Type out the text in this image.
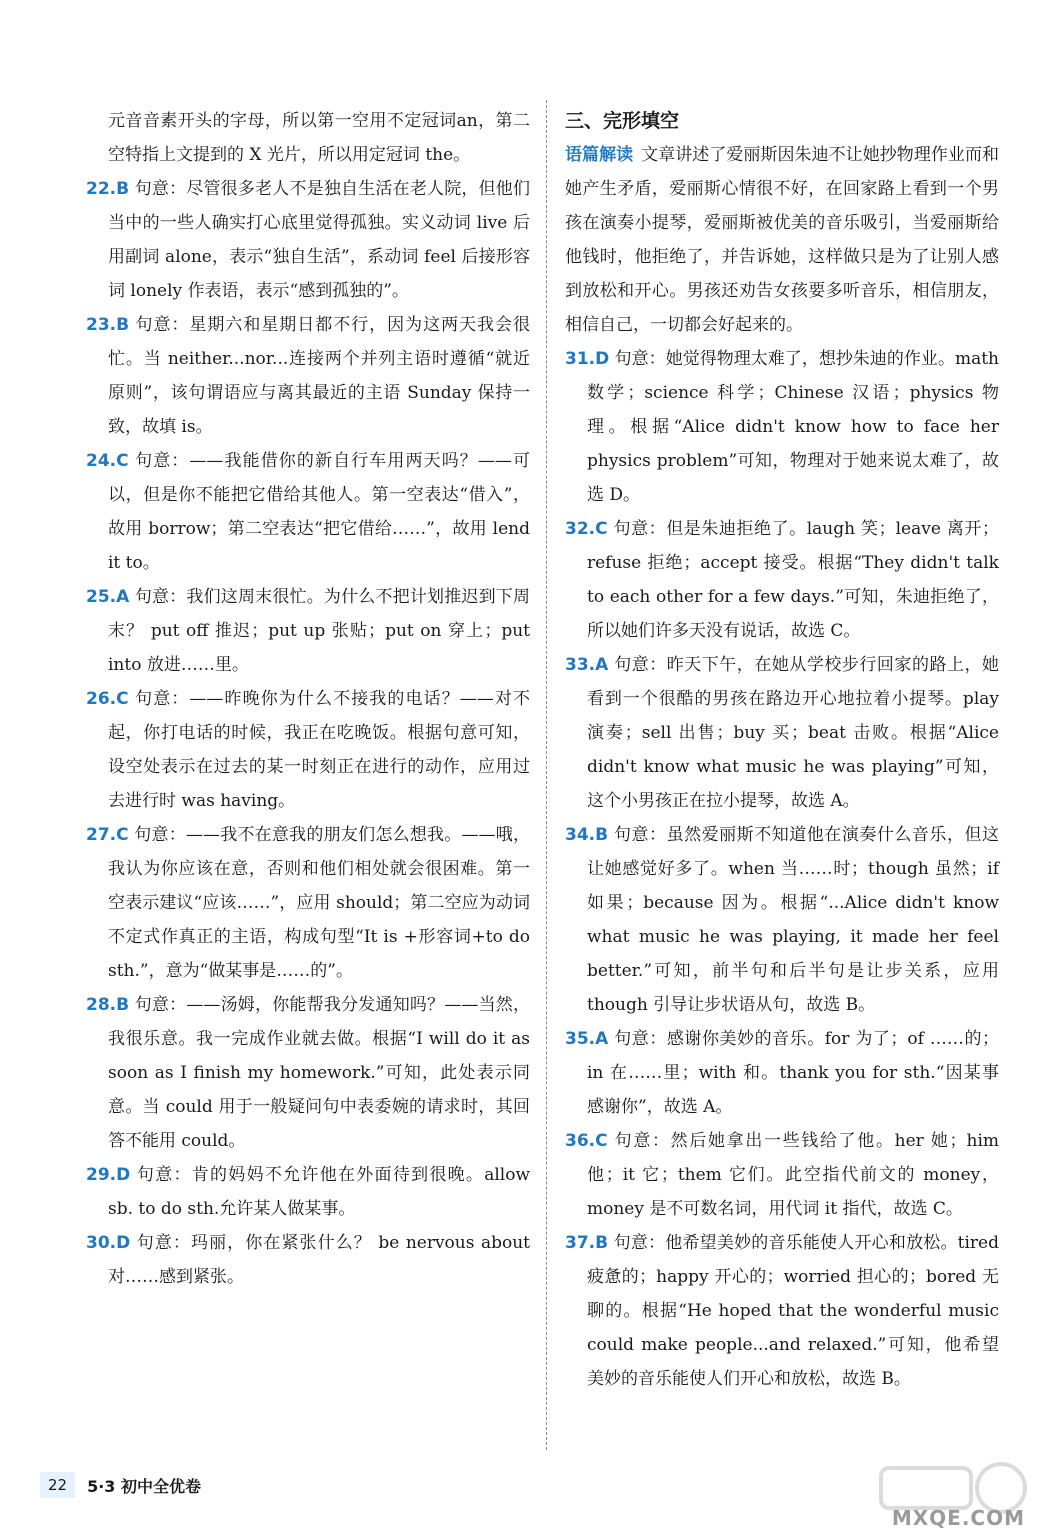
元音音素开头的字母，所以第一空用不定冠词an，第二空特指上文提到的 X 光片，所以用定冠词 the。
22.B 句意：尽管很多老人不是独自生活在老人院，但他们当中的一些人确实打心底里觉得孤独。实义动词 live 后用副词 alone，表示“独自生活”，系动词 feel 后接形容词 lonely 作表语，表示“感到孤独的”。
23.B 句意：星期六和星期日都不行，因为这两天我会很忙。当 neither...nor...连接两个并列主语时遵循“就近原则”，该句谓语应与离其最近的主语 Sunday 保持一致，故填 is。
24.C 句意：——我能借你的新自行车用两天吗？——可以，但是你不能把它借给其他人。第一空表达“借入”，故用 borrow；第二空表达“把它借给……”，故用 lend it to。
25.A 句意：我们这周末很忙。为什么不把计划推迟到下周末？ put off 推迟；put up 张贴；put on 穿上；put into 放进……里。
26.C 句意：——昨晚你为什么不接我的电话？——对不起，你打电话的时候，我正在吃晚饭。根据句意可知，设空处表示在过去的某一时刻正在进行的动作，应用过去进行时 was having。
27.C 句意：——我不在意我的朋友们怎么想我。——哦，我认为你应该在意，否则和他们相处就会很困难。第一空表示建议“应该……”，应用 should；第二空应为动词不定式作真正的主语，构成句型“It is +形容词+to do sth.”，意为“做某事是……的”。
28.B 句意：——汤姆，你能帮我分发通知吗？——当然，我很乐意。我一完成作业就去做。根据“I will do it as soon as I finish my homework.”可知，此处表示同意。当 could 用于一般疑问句中表委婉的请求时，其回答不能用 could。
29.D 句意：肯的妈妈不允许他在外面待到很晚。allow sb. to do sth.允许某人做某事。
30.D 句意：玛丽，你在紧张什么？ be nervous about 对……感到紧张。
三、完形填空
语篇解读 文章讲述了爱丽斯因朱迪不让她抄物理作业而和她产生矛盾，爱丽斯心情很不好，在回家路上看到一个男孩在演奏小提琴，爱丽斯被优美的音乐吸引，当爱丽斯给他钱时，他拒绝了，并告诉她，这样做只是为了让别人感到放松和开心。男孩还劝告女孩要多听音乐，相信朋友，相信自己，一切都会好起来的。
31.D 句意：她觉得物理太难了，想抄朱迪的作业。math 数学；science 科学；Chinese 汉语；physics 物理。根据“Alice didn't know how to face her physics problem”可知，物理对于她来说太难了，故选 D。
32.C 句意：但是朱迪拒绝了。laugh 笑；leave 离开；refuse 拒绝；accept 接受。根据“They didn't talk to each other for a few days.”可知，朱迪拒绝了，所以她们许多天没有说话，故选 C。
33.A 句意：昨天下午，在她从学校步行回家的路上，她看到一个很酷的男孩在路边开心地拉着小提琴。play 演奏；sell 出售；buy 买；beat 击败。根据“Alice didn't know what music he was playing”可知，这个小男孩正在拉小提琴，故选 A。
34.B 句意：虽然爱丽斯不知道他在演奏什么音乐，但这让她感觉好多了。when 当……时；though 虽然；if 如果；because 因为。根据“...Alice didn't know what music he was playing, it made her feel better.”可知，前半句和后半句是让步关系，应用 though 引导让步状语从句，故选 B。
35.A 句意：感谢你美妙的音乐。for 为了；of ……的；in 在……里；with 和。thank you for sth.“因某事感谢你”，故选 A。
36.C 句意：然后她拿出一些钱给了他。her 她；him 他；it 它；them 它们。此空指代前文的 money，money 是不可数名词，用代词 it 指代，故选 C。
37.B 句意：他希望美妙的音乐能使人开心和放松。tired 疲惫的；happy 开心的；worried 担心的；bored 无聊的。根据“He hoped that the wonderful music could make people...and relaxed.”可知，他希望美妙的音乐能使人们开心和放松，故选 B。
22	5·3 初中全优卷
MXQE.COM
